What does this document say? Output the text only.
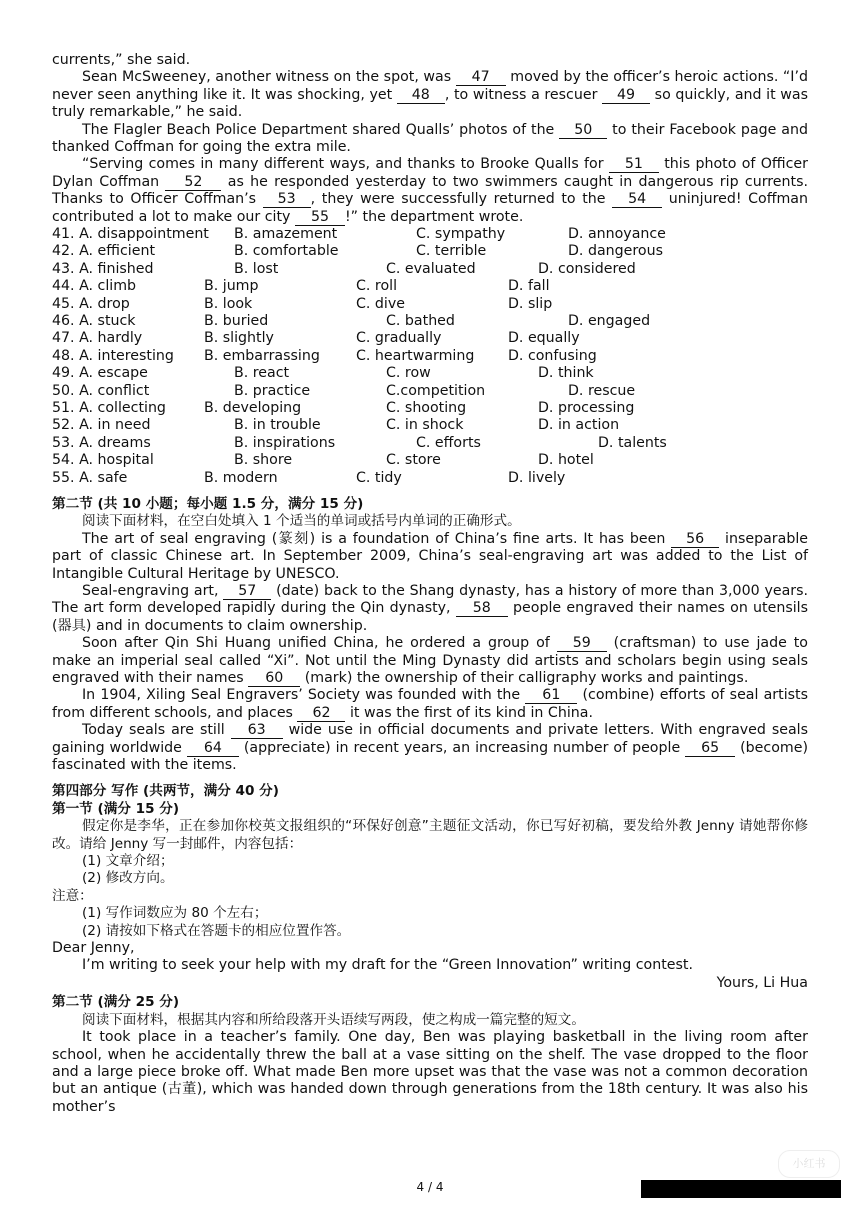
currents,” she said.

Sean McSweeney, another witness on the spot, was 47 moved by the officer’s heroic actions. “I’d never seen anything like it. It was shocking, yet 48 , to witness a rescuer 49 so quickly, and it was truly remarkable,” he said.

The Flagler Beach Police Department shared Qualls’ photos of the 50 to their Facebook page and thanked Coffman for going the extra mile.

“Serving comes in many different ways, and thanks to Brooke Qualls for 51 this photo of Officer Dylan Coffman 52 as he responded yesterday to two swimmers caught in dangerous rip currents. Thanks to Officer Coffman’s 53 , they were successfully returned to the 54 uninjured! Coffman contributed a lot to make our city 55 !” the department wrote.

41. A. disappointment B. amazement	C. sympathy	D. annoyance
42. A. efficient	B. comfortable	C. terrible	D. dangerous
43. A. finished	B. lost	C. evaluated	D. considered
44. A. climb	B. jump	C. roll	D. fall
45. A. drop	B. look	C. dive	D. slip
46. A. stuck	B. buried	C. bathed	D. engaged
47. A. hardly	B. slightly	C. gradually	D. equally
48. A. interesting B. embarrassing	C. heartwarming D. confusing
49. A. escape	B. react	C. row	D. think
50. A. conflict	B. practice	C.competition	D. rescue
51. A. collecting	B. developing	C. shooting	D. processing
52. A. in need	B. in trouble	C. in shock	D. in action
53. A. dreams	B. inspirations	C. efforts	D. talents
54. A. hospital	B. shore	C. store	D. hotel
55. A. safe	B. modern	C. tidy	D. lively

第二节 (共 10 小题；每小题 1.5 分，满分 15 分)

阅读下面材料，在空白处填入 1 个适当的单词或括号内单词的正确形式。

The art of seal engraving (篆刻) is a foundation of China’s fine arts. It has been 56 inseparable part of classic Chinese art. In September 2009, China’s seal-engraving art was added to the List of Intangible Cultural Heritage by UNESCO.

Seal-engraving art, 57 (date) back to the Shang dynasty, has a history of more than 3,000 years. The art form developed rapidly during the Qin dynasty, 58 people engraved their names on utensils (器具) and in documents to claim ownership.

Soon after Qin Shi Huang unified China, he ordered a group of 59 (craftsman) to use jade to make an imperial seal called “Xi”. Not until the Ming Dynasty did artists and scholars begin using seals engraved with their names 60 (mark) the ownership of their calligraphy works and paintings.

In 1904, Xiling Seal Engravers’ Society was founded with the 61 (combine) efforts of seal artists from different schools, and places 62 it was the first of its kind in China.

Today seals are still 63 wide use in official documents and private letters. With engraved seals gaining worldwide 64 (appreciate) in recent years, an increasing number of people 65 (become) fascinated with the items.

第四部分 写作 (共两节，满分 40 分)

第一节 (满分 15 分)

假定你是李华，正在参加你校英文报组织的“环保好创意”主题征文活动，你已写好初稿，要发给外教 Jenny 请她帮你修改。请给 Jenny 写一封邮件，内容包括：

(1) 文章介绍；

(2) 修改方向。

注意：

(1) 写作词数应为 80 个左右；

(2) 请按如下格式在答题卡的相应位置作答。

Dear Jenny,

I’m writing to seek your help with my draft for the “Green Innovation” writing contest.

Yours, Li Hua

第二节 (满分 25 分)

阅读下面材料，根据其内容和所给段落开头语续写两段，使之构成一篇完整的短文。

It took place in a teacher’s family. One day, Ben was playing basketball in the living room after school, when he accidentally threw the ball at a vase sitting on the shelf. The vase dropped to the floor and a large piece broke off. What made Ben more upset was that the vase was not a common decoration but an antique (古董), which was handed down through generations from the 18th century. It was also his mother’s

小红书
4 / 4
